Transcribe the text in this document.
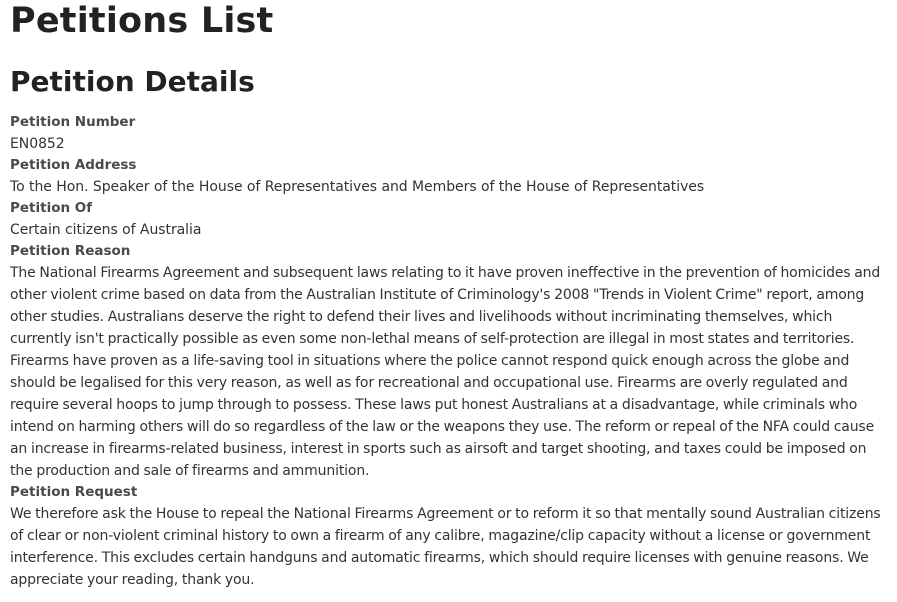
Petitions List
Petition Details
Petition Number
EN0852
Petition Address
To the Hon. Speaker of the House of Representatives and Members of the House of Representatives
Petition Of
Certain citizens of Australia
Petition Reason
The National Firearms Agreement and subsequent laws relating to it have proven ineffective in the prevention of homicides and other violent crime based on data from the Australian Institute of Criminology's 2008 "Trends in Violent Crime" report, among other studies. Australians deserve the right to defend their lives and livelihoods without incriminating themselves, which currently isn't practically possible as even some non-lethal means of self-protection are illegal in most states and territories. Firearms have proven as a life-saving tool in situations where the police cannot respond quick enough across the globe and should be legalised for this very reason, as well as for recreational and occupational use. Firearms are overly regulated and require several hoops to jump through to possess. These laws put honest Australians at a disadvantage, while criminals who intend on harming others will do so regardless of the law or the weapons they use. The reform or repeal of the NFA could cause an increase in firearms-related business, interest in sports such as airsoft and target shooting, and taxes could be imposed on the production and sale of firearms and ammunition.
Petition Request
We therefore ask the House to repeal the National Firearms Agreement or to reform it so that mentally sound Australian citizens of clear or non-violent criminal history to own a firearm of any calibre, magazine/clip capacity without a license or government interference. This excludes certain handguns and automatic firearms, which should require licenses with genuine reasons. We appreciate your reading, thank you.
